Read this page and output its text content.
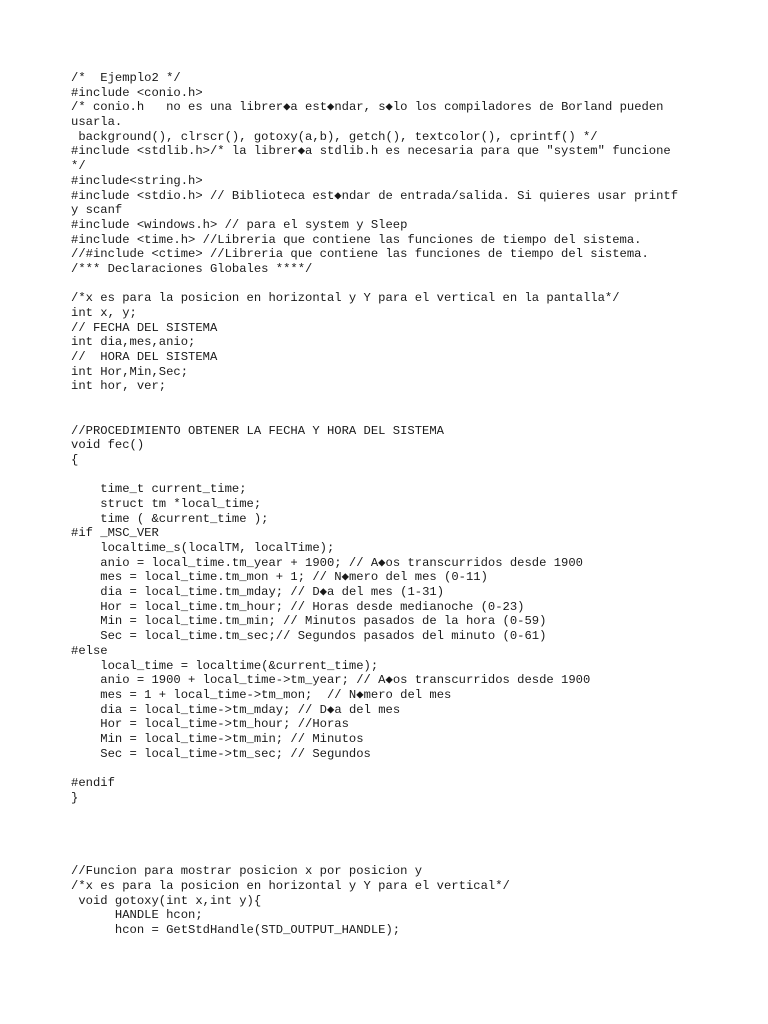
/*  Ejemplo2 */
#include <conio.h>
/* conio.h   no es una librer◆a est◆ndar, s◆lo los compiladores de Borland pueden
usarla.
background(), clrscr(), gotoxy(a,b), getch(), textcolor(), cprintf() */
#include <stdlib.h>/* la librer◆a stdlib.h es necesaria para que "system" funcione
*/
#include<string.h>
#include <stdio.h> // Biblioteca est◆ndar de entrada/salida. Si quieres usar printf
y scanf
#include <windows.h> // para el system y Sleep
#include <time.h> //Libreria que contiene las funciones de tiempo del sistema.
//#include <ctime> //Libreria que contiene las funciones de tiempo del sistema.
/*** Declaraciones Globales ****/
/*x es para la posicion en horizontal y Y para el vertical en la pantalla*/
int x, y;
// FECHA DEL SISTEMA
int dia,mes,anio;
//  HORA DEL SISTEMA
int Hor,Min,Sec;
int hor, ver;
//PROCEDIMIENTO OBTENER LA FECHA Y HORA DEL SISTEMA
void fec()
{
time_t current_time;
struct tm *local_time;
time ( &current_time );
#if _MSC_VER
localtime_s(localTM, localTime);
anio = local_time.tm_year + 1900; // A◆os transcurridos desde 1900
mes = local_time.tm_mon + 1; // N◆mero del mes (0-11)
dia = local_time.tm_mday; // D◆a del mes (1-31)
Hor = local_time.tm_hour; // Horas desde medianoche (0-23)
Min = local_time.tm_min; // Minutos pasados de la hora (0-59)
Sec = local_time.tm_sec;// Segundos pasados del minuto (0-61)
#else
local_time = localtime(&current_time);
anio = 1900 + local_time->tm_year; // A◆os transcurridos desde 1900
mes = 1 + local_time->tm_mon;  // N◆mero del mes
dia = local_time->tm_mday; // D◆a del mes
Hor = local_time->tm_hour; //Horas
Min = local_time->tm_min; // Minutos
Sec = local_time->tm_sec; // Segundos
#endif
}
//Funcion para mostrar posicion x por posicion y
/*x es para la posicion en horizontal y Y para el vertical*/
void gotoxy(int x,int y){
HANDLE hcon;
hcon = GetStdHandle(STD_OUTPUT_HANDLE);
